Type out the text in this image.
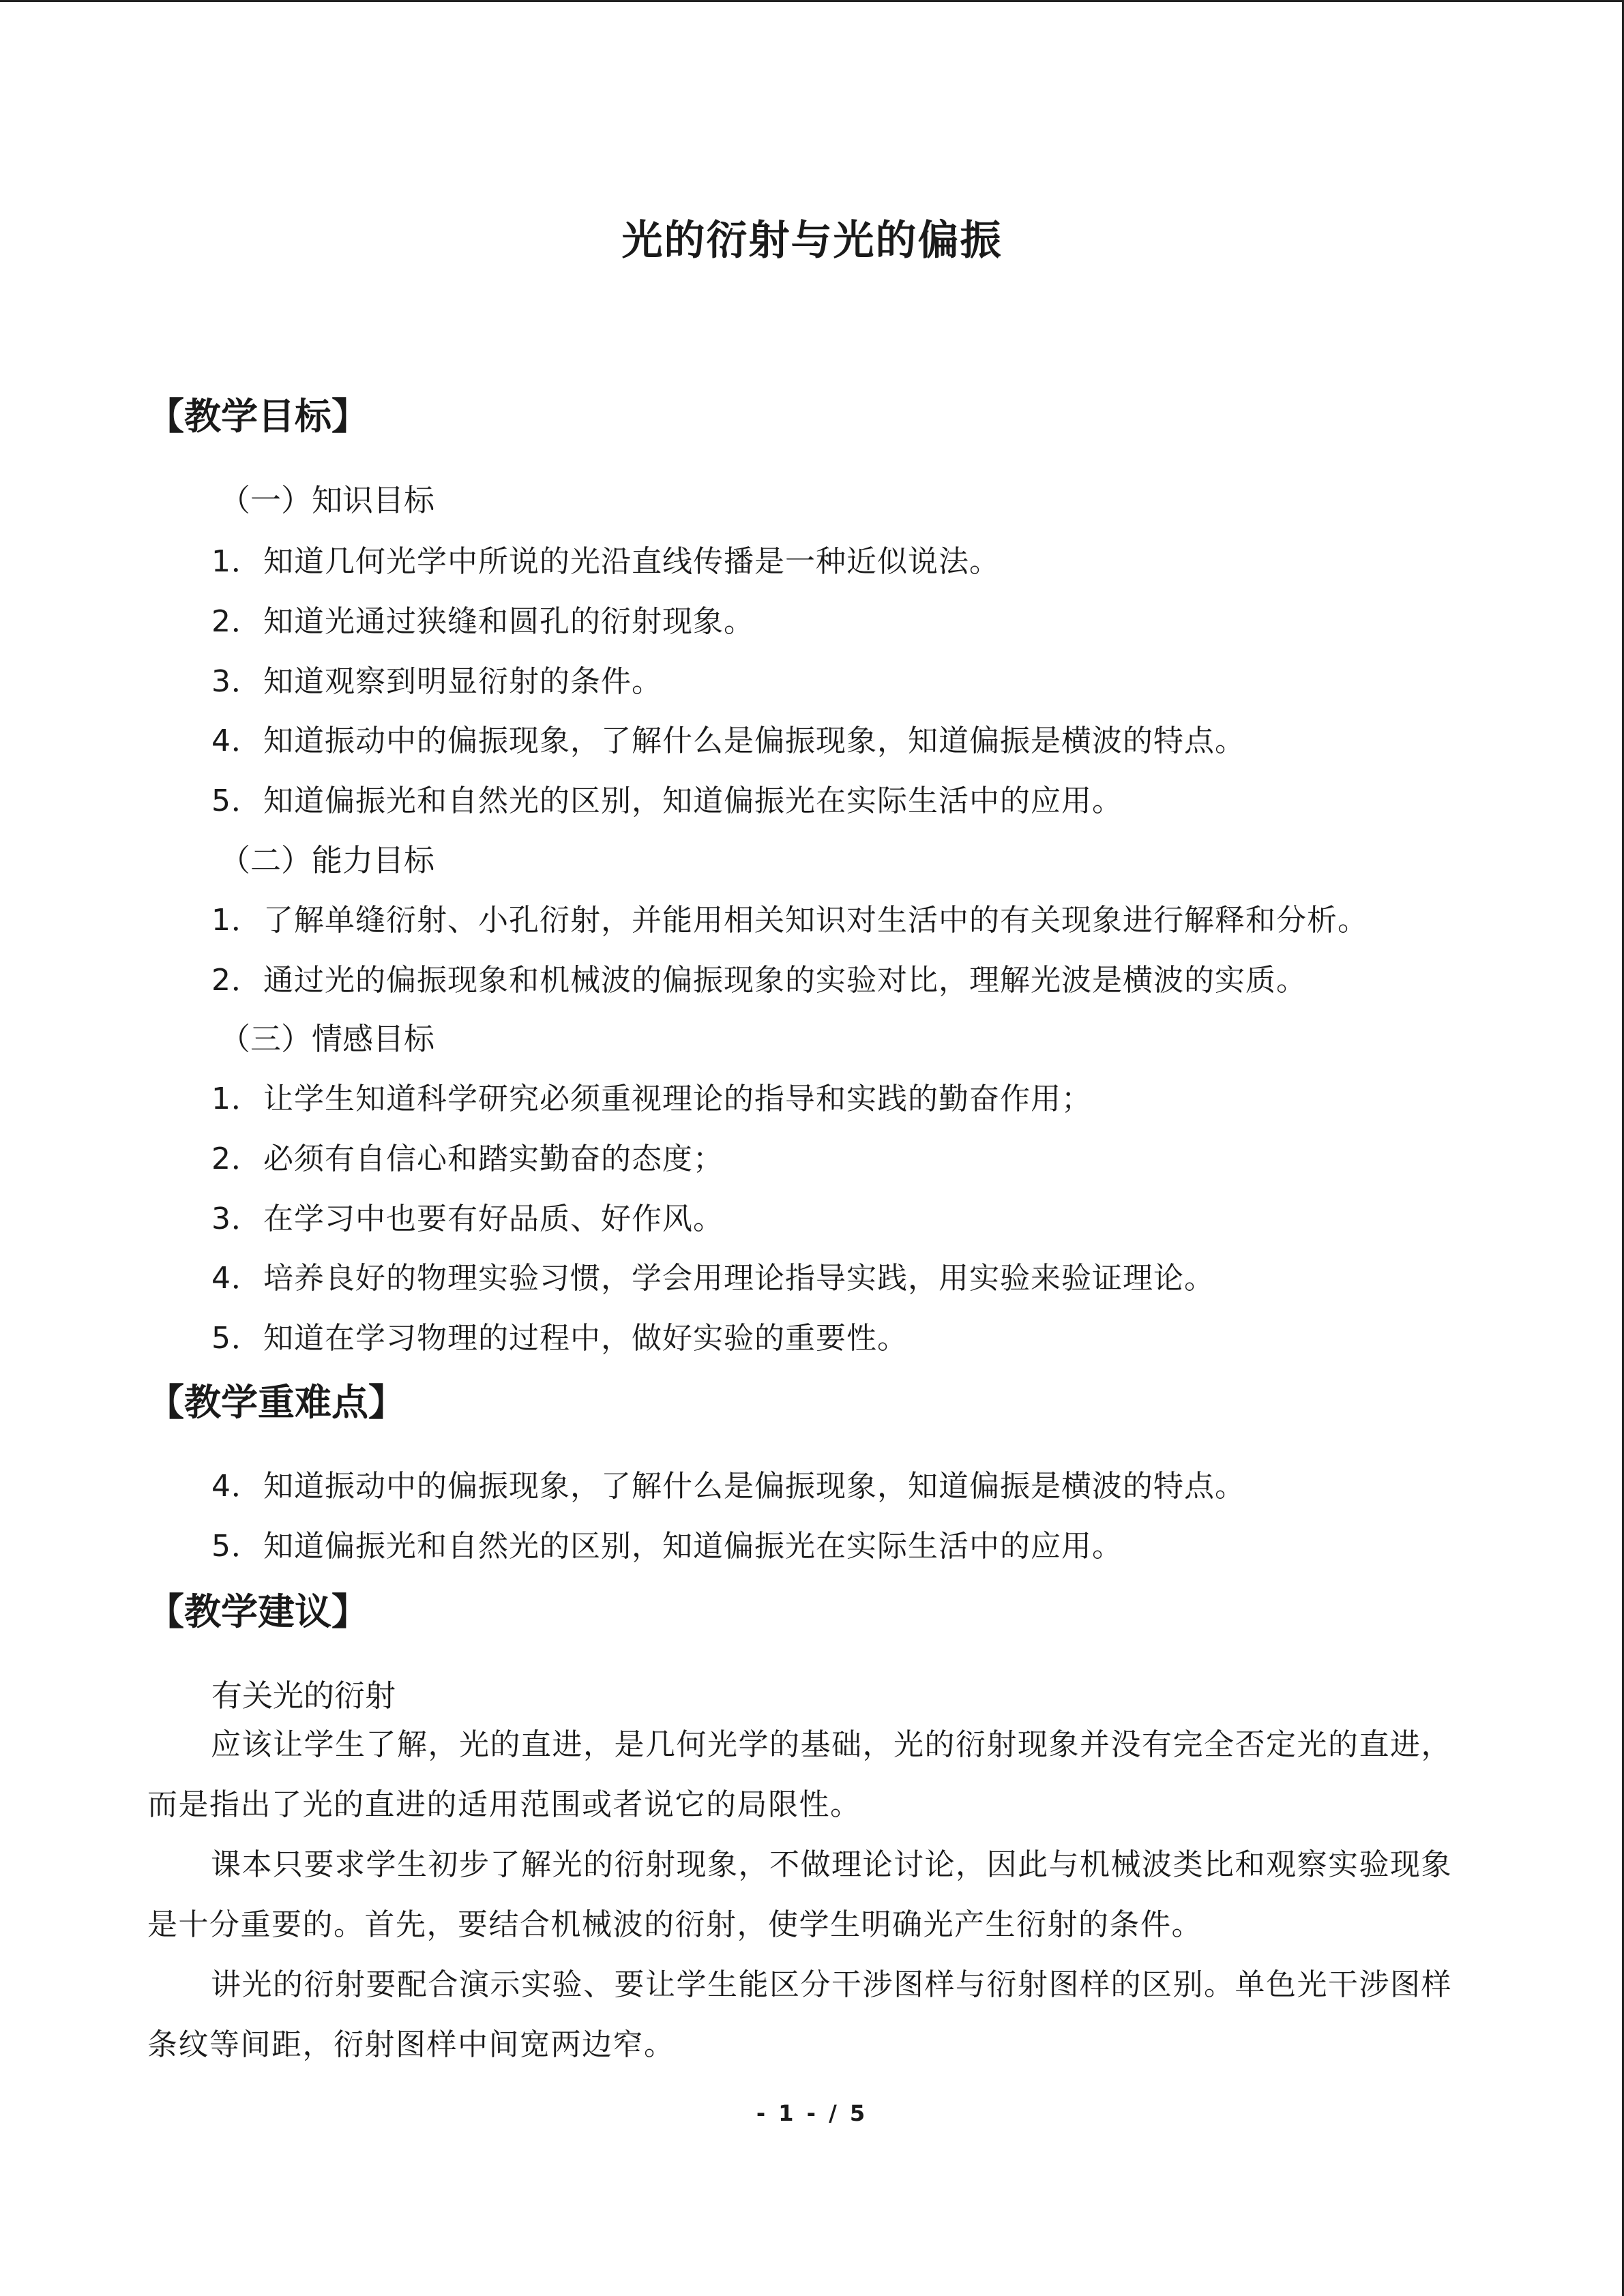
光的衍射与光的偏振
【教学目标】
（一）知识目标
1．知道几何光学中所说的光沿直线传播是一种近似说法。
2．知道光通过狭缝和圆孔的衍射现象。
3．知道观察到明显衍射的条件。
4．知道振动中的偏振现象，了解什么是偏振现象，知道偏振是横波的特点。
5．知道偏振光和自然光的区别，知道偏振光在实际生活中的应用。
（二）能力目标
1．了解单缝衍射、小孔衍射，并能用相关知识对生活中的有关现象进行解释和分析。
2．通过光的偏振现象和机械波的偏振现象的实验对比，理解光波是横波的实质。
（三）情感目标
1．让学生知道科学研究必须重视理论的指导和实践的勤奋作用；
2．必须有自信心和踏实勤奋的态度；
3．在学习中也要有好品质、好作风。
4．培养良好的物理实验习惯，学会用理论指导实践，用实验来验证理论。
5．知道在学习物理的过程中，做好实验的重要性。
【教学重难点】
4．知道振动中的偏振现象，了解什么是偏振现象，知道偏振是横波的特点。
5．知道偏振光和自然光的区别，知道偏振光在实际生活中的应用。
【教学建议】
有关光的衍射
应该让学生了解，光的直进，是几何光学的基础，光的衍射现象并没有完全否定光的直进，而是指出了光的直进的适用范围或者说它的局限性。
课本只要求学生初步了解光的衍射现象，不做理论讨论，因此与机械波类比和观察实验现象是十分重要的。首先，要结合机械波的衍射，使学生明确光产生衍射的条件。
讲光的衍射要配合演示实验、要让学生能区分干涉图样与衍射图样的区别。单色光干涉图样条纹等间距，衍射图样中间宽两边窄。
- 1 - / 5
